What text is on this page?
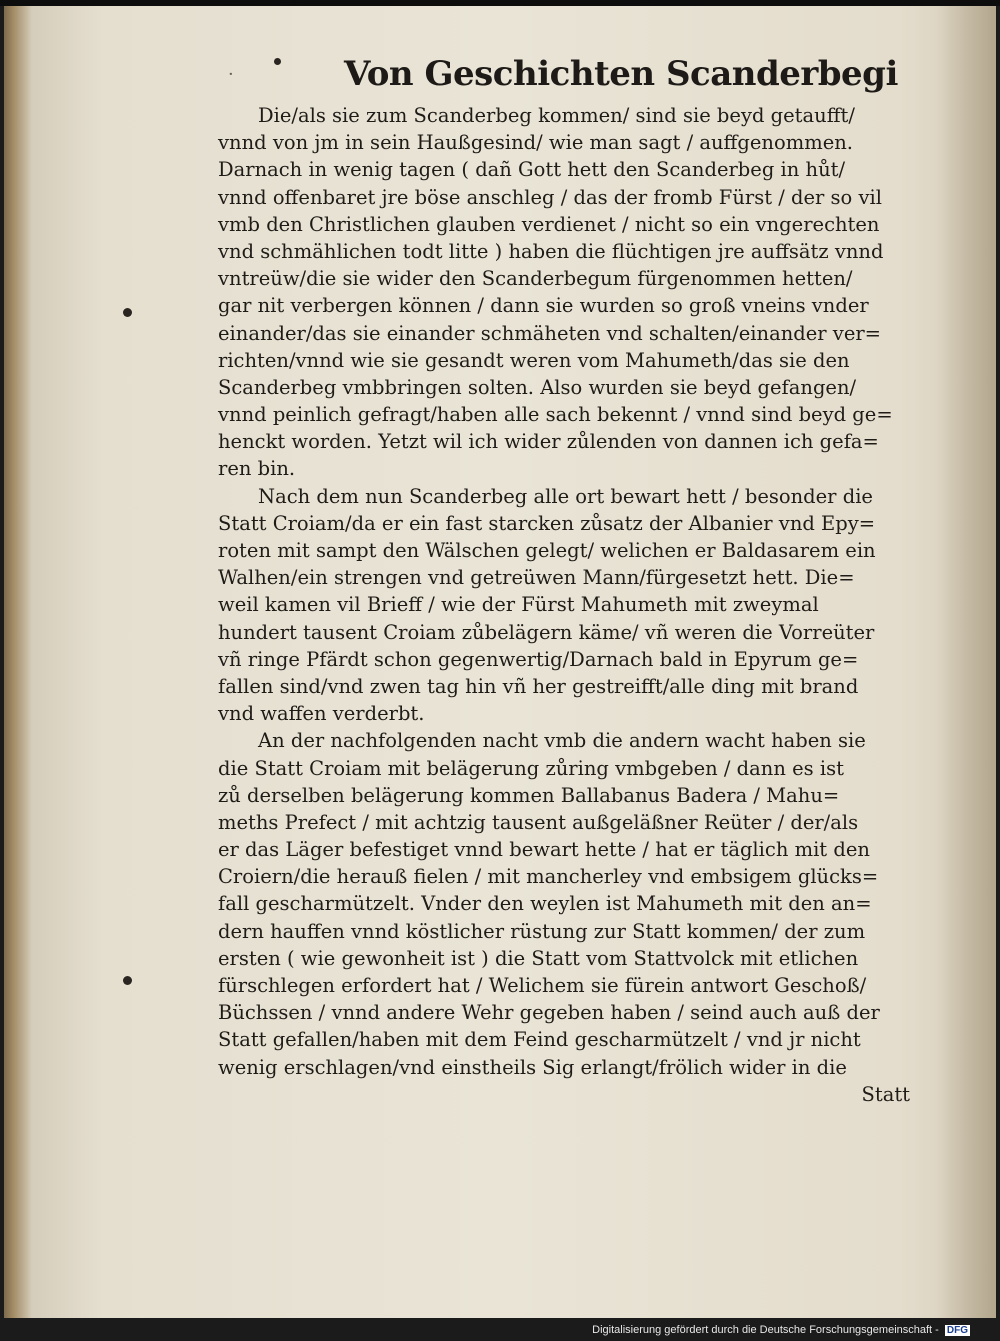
·	Von Geschichten Scanderbegi
Die/als sie zum Scanderbeg kommen/ sind sie beyd getaufft/
vnnd von jm in sein Haußgesind/ wie man sagt / auffgenommen.
Darnach in wenig tagen ( dañ Gott hett den Scanderbeg in hůt/
vnnd offenbaret jre böse anschleg / das der fromb Fürst / der so vil
vmb den Christlichen glauben verdienet / nicht so ein vngerechten
vnd schmählichen todt litte ) haben die flüchtigen jre auffsätz vnnd
vntreüw/die sie wider den Scanderbegum fürgenommen hetten/
gar nit verbergen können / dann sie wurden so groß vneins vnder
einander/das sie einander schmäheten vnd schalten/einander ver=
richten/vnnd wie sie gesandt weren vom Mahumeth/das sie den
Scanderbeg vmbbringen solten. Also wurden sie beyd gefangen/
vnnd peinlich gefragt/haben alle sach bekennt / vnnd sind beyd ge=
henckt worden. Yetzt wil ich wider zůlenden von dannen ich gefa=
ren bin.
Nach dem nun Scanderbeg alle ort bewart hett / besonder die
Statt Croiam/da er ein fast starcken zůsatz der Albanier vnd Epy=
roten mit sampt den Wälschen gelegt/ welichen er Baldasarem ein
Walhen/ein strengen vnd getreüwen Mann/fürgesetzt hett. Die=
weil kamen vil Brieff / wie der Fürst Mahumeth mit zweymal
hundert tausent Croiam zůbelägern käme/ vñ weren die Vorreüter
vñ ringe Pfärdt schon gegenwertig/Darnach bald in Epyrum ge=
fallen sind/vnd zwen tag hin vñ her gestreifft/alle ding mit brand
vnd waffen verderbt.
An der nachfolgenden nacht vmb die andern wacht haben sie
die Statt Croiam mit belägerung zůring vmbgeben / dann es ist
zů derselben belägerung kommen Ballabanus Badera / Mahu=
meths Prefect / mit achtzig tausent außgeläßner Reüter / der/als
er das Läger befestiget vnnd bewart hette / hat er täglich mit den
Croiern/die herauß fielen / mit mancherley vnd embsigem glücks=
fall gescharmützelt. Vnder den weylen ist Mahumeth mit den an=
dern hauffen vnnd köstlicher rüstung zur Statt kommen/ der zum
ersten ( wie gewonheit ist ) die Statt vom Stattvolck mit etlichen
fürschlegen erfordert hat / Welichem sie fürein antwort Geschoß/
Büchssen / vnnd andere Wehr gegeben haben / seind auch auß der
Statt gefallen/haben mit dem Feind gescharmützelt / vnd jr nicht
wenig erschlagen/vnd einstheils Sig erlangt/frölich wider in die
Statt
Digitalisierung gefördert durch die Deutsche Forschungsgemeinschaft - DFG
